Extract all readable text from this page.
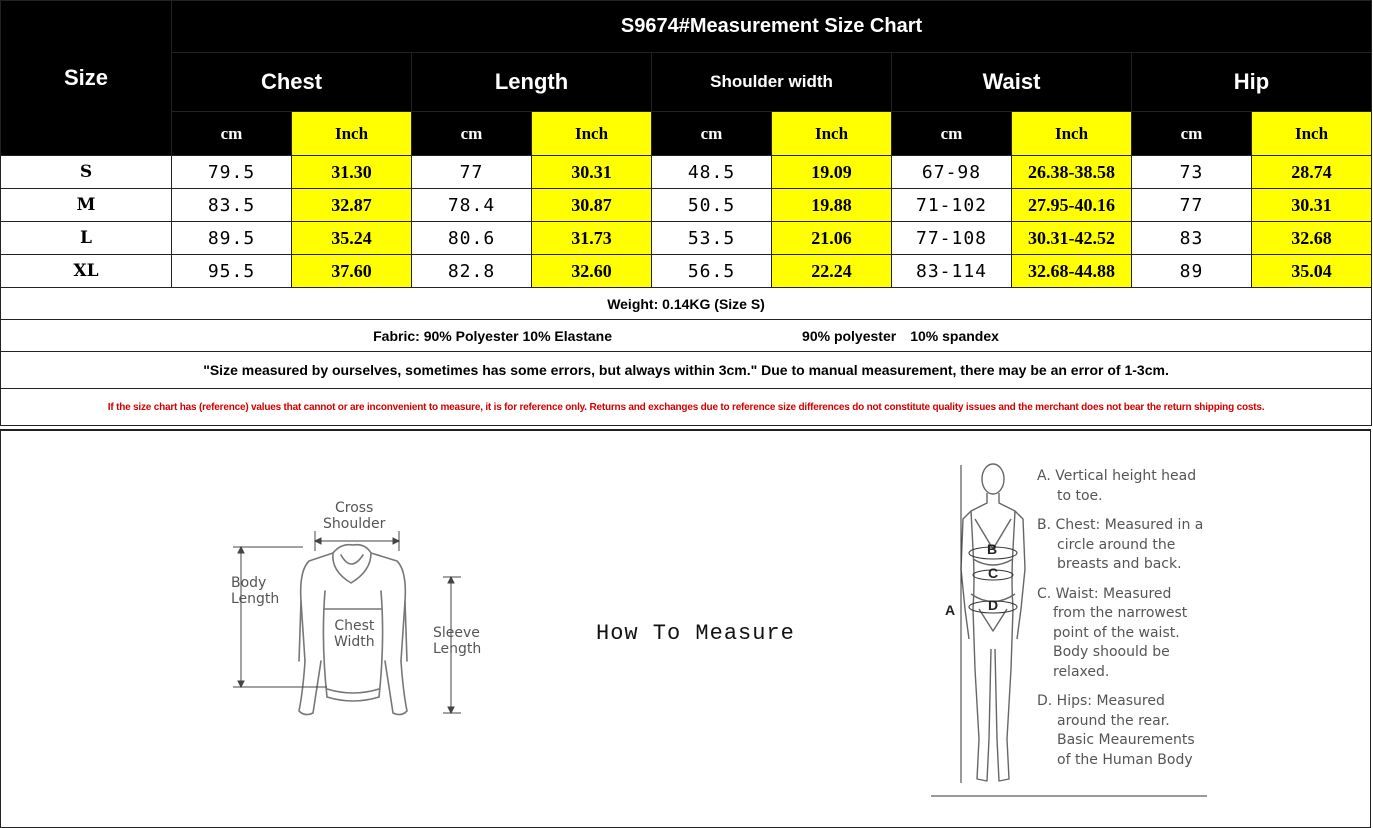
Size	S9674#Measurement Size Chart									
	Chest		Length		Shoulder width		Waist		Hip	
	cm	Inch	cm	Inch	cm	Inch	cm	Inch	cm	Inch
S	79.5	31.30	77	30.31	48.5	19.09	67-98	26.38-38.58	73	28.74
M	83.5	32.87	78.4	30.87	50.5	19.88	71-102	27.95-40.16	77	30.31
L	89.5	35.24	80.6	31.73	53.5	21.06	77-108	30.31-42.52	83	32.68
XL	95.5	37.60	82.8	32.60	56.5	22.24	83-114	32.68-44.88	89	35.04
Weight: 0.14KG (Size S)										
Fabric: 90% Polyester 10% Elastane 90% polyester 10% spandex										
"Size measured by ourselves, sometimes has some errors, but always within 3cm." Due to manual measurement, there may be an error of 1-3cm.										
If the size chart has (reference) values that cannot or are inconvenient to measure, it is for reference only. Returns and exchanges due to reference size differences do not constitute quality issues and the merchant does not bear the return shipping costs.										
Cross
Shoulder
Body
Length
Chest
Width
Sleeve
Length
How To Measure
B
C
A D
A. Vertical height head
to toe.
B. Chest: Measured in a
circle around the
breasts and back.
C. Waist: Measured
from the narrowest
point of the waist.
Body shoould be
relaxed.
D. Hips: Measured
around the rear.
Basic Meaurements
of the Human Body
